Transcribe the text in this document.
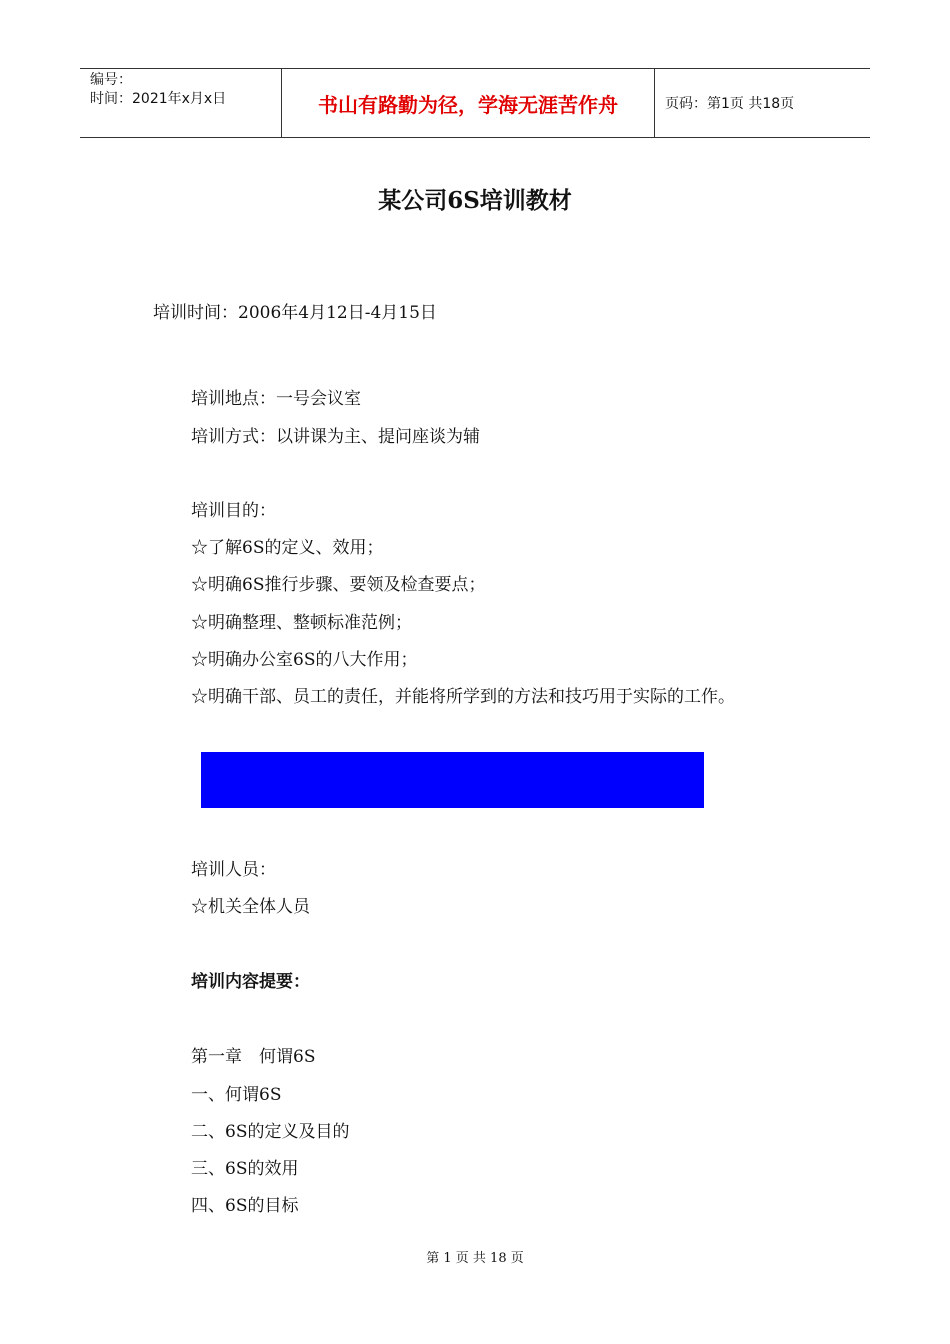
编号：
时间：2021年x月x日	书山有路勤为径，学海无涯苦作舟	页码：第1页 共18页
某公司6S培训教材
培训时间：2006年4月12日-4月15日
培训地点：一号会议室
培训方式：以讲课为主、提问座谈为辅
培训目的：
☆了解6S的定义、效用；
☆明确6S推行步骤、要领及检查要点；
☆明确整理、整顿标准范例；
☆明确办公室6S的八大作用；
☆明确干部、员工的责任，并能将所学到的方法和技巧用于实际的工作。
培训人员：
☆机关全体人员
培训内容提要：
第一章　何谓6S
一、何谓6S
二、6S的定义及目的
三、6S的效用
四、6S的目标
第 1 页 共 18 页
